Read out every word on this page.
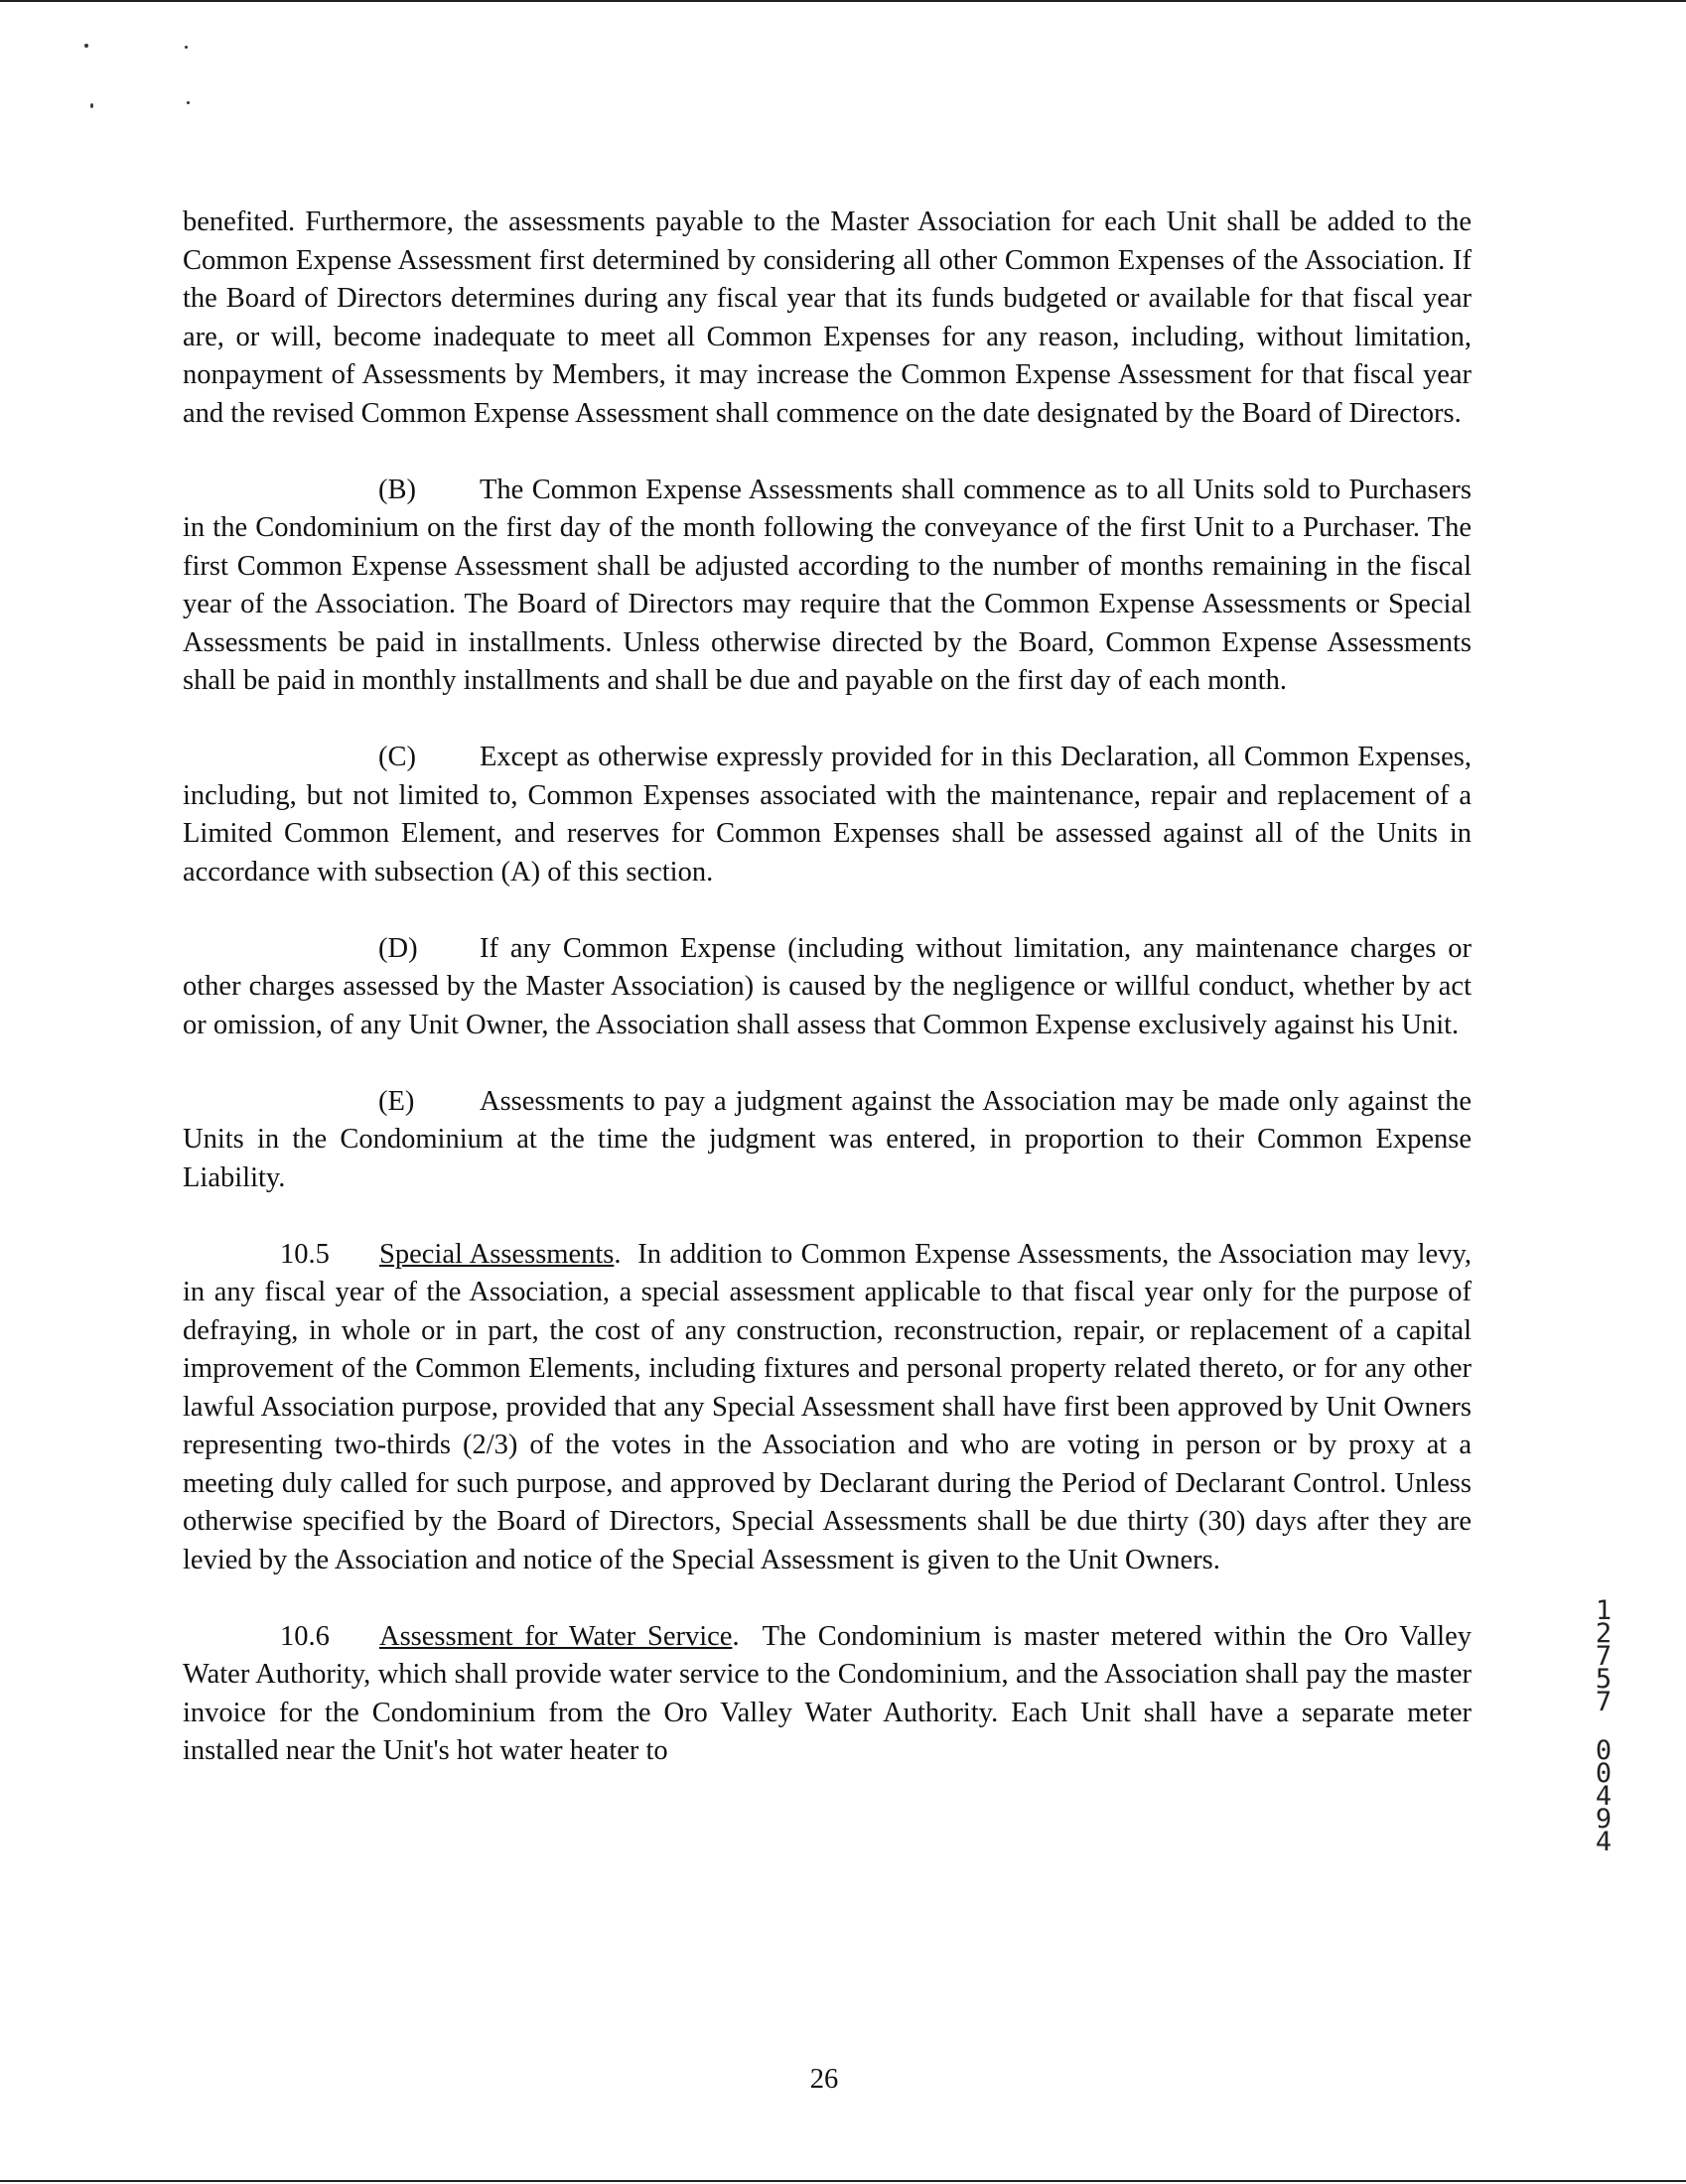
benefited. Furthermore, the assessments payable to the Master Association for each Unit shall be added to the Common Expense Assessment first determined by considering all other Common Expenses of the Association. If the Board of Directors determines during any fiscal year that its funds budgeted or available for that fiscal year are, or will, become inadequate to meet all Common Expenses for any reason, including, without limitation, nonpayment of Assessments by Members, it may increase the Common Expense Assessment for that fiscal year and the revised Common Expense Assessment shall commence on the date designated by the Board of Directors.

(B) The Common Expense Assessments shall commence as to all Units sold to Purchasers in the Condominium on the first day of the month following the conveyance of the first Unit to a Purchaser. The first Common Expense Assessment shall be adjusted according to the number of months remaining in the fiscal year of the Association. The Board of Directors may require that the Common Expense Assessments or Special Assessments be paid in installments. Unless otherwise directed by the Board, Common Expense Assessments shall be paid in monthly installments and shall be due and payable on the first day of each month.

(C) Except as otherwise expressly provided for in this Declaration, all Common Expenses, including, but not limited to, Common Expenses associated with the maintenance, repair and replacement of a Limited Common Element, and reserves for Common Expenses shall be assessed against all of the Units in accordance with subsection (A) of this section.

(D) If any Common Expense (including without limitation, any maintenance charges or other charges assessed by the Master Association) is caused by the negligence or willful conduct, whether by act or omission, of any Unit Owner, the Association shall assess that Common Expense exclusively against his Unit.

(E) Assessments to pay a judgment against the Association may be made only against the Units in the Condominium at the time the judgment was entered, in proportion to their Common Expense Liability.

10.5 Special Assessments.  In addition to Common Expense Assessments, the Association may levy, in any fiscal year of the Association, a special assessment applicable to that fiscal year only for the purpose of defraying, in whole or in part, the cost of any construction, reconstruction, repair, or replacement of a capital improvement of the Common Elements, including fixtures and personal property related thereto, or for any other lawful Association purpose, provided that any Special Assessment shall have first been approved by Unit Owners representing two-thirds (2/3) of the votes in the Association and who are voting in person or by proxy at a meeting duly called for such purpose, and approved by Declarant during the Period of Declarant Control. Unless otherwise specified by the Board of Directors, Special Assessments shall be due thirty (30) days after they are levied by the Association and notice of the Special Assessment is given to the Unit Owners.

10.6 Assessment for Water Service.  The Condominium is master metered within the Oro Valley Water Authority, which shall provide water service to the Condominium, and the Association shall pay the master invoice for the Condominium from the Oro Valley Water Authority. Each Unit shall have a separate meter installed near the Unit's hot water heater to

1
2
7
5
7
0
0
4
9
4
26
